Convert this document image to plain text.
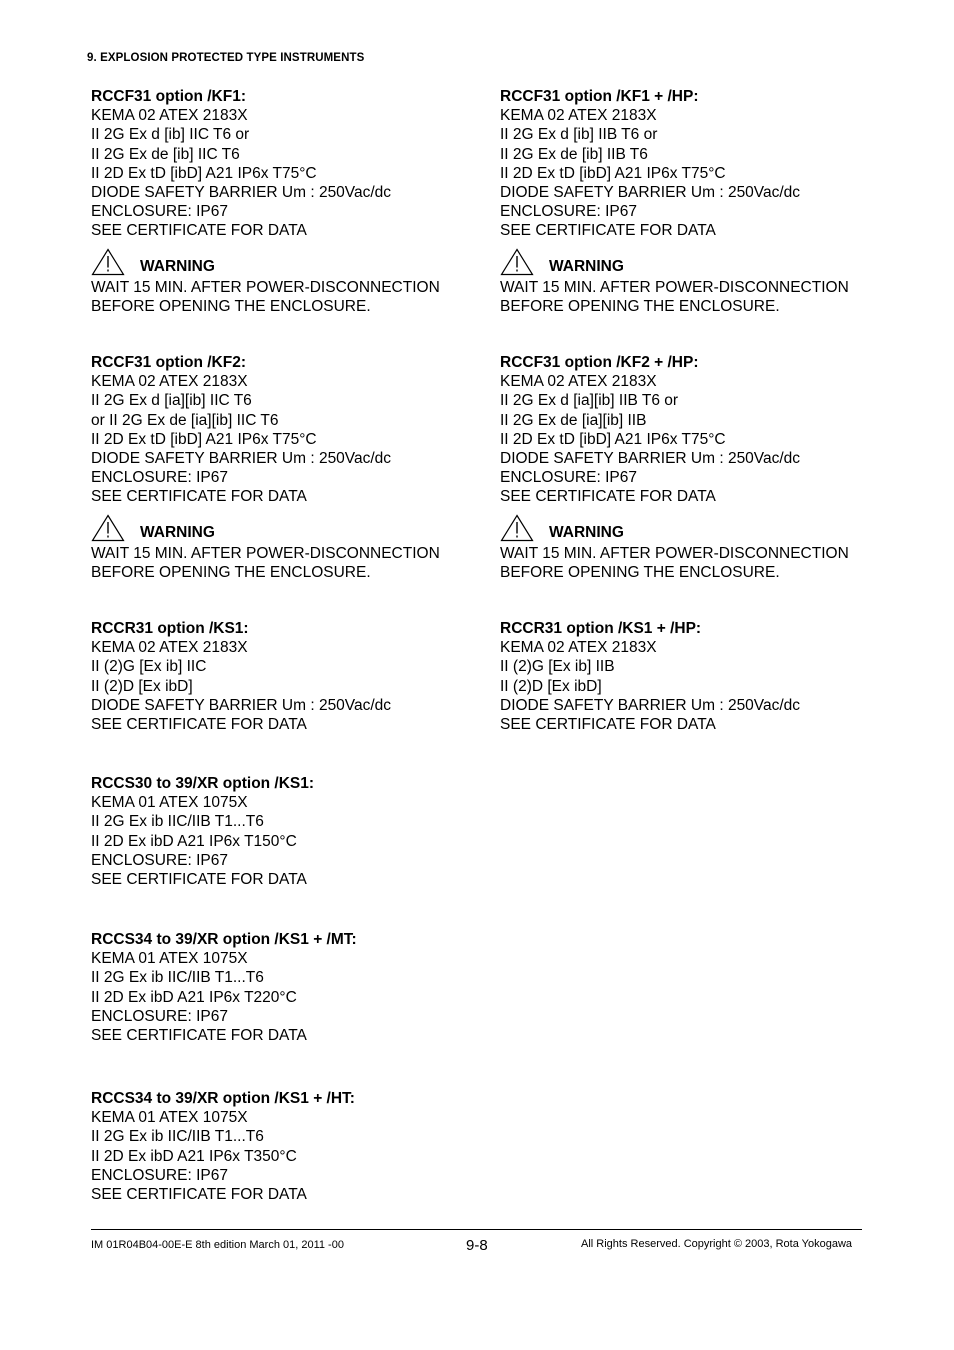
9. EXPLOSION PROTECTED TYPE INSTRUMENTS
RCCF31 option /KF1:
KEMA 02 ATEX 2183X
II 2G Ex d [ib] IIC T6 or
II 2G Ex de [ib] IIC T6
II 2D Ex tD [ibD] A21 IP6x T75°C
DIODE SAFETY BARRIER Um : 250Vac/dc
ENCLOSURE: IP67
SEE CERTIFICATE FOR DATA
WARNING
WAIT 15 MIN. AFTER POWER-DISCONNECTION
BEFORE OPENING THE ENCLOSURE.
RCCF31 option /KF1 + /HP:
KEMA 02 ATEX 2183X
II 2G Ex d [ib] IIB T6 or
II 2G Ex de [ib] IIB T6
II 2D Ex tD [ibD] A21 IP6x T75°C
DIODE SAFETY BARRIER Um : 250Vac/dc
ENCLOSURE: IP67
SEE CERTIFICATE FOR DATA
WARNING
WAIT 15 MIN. AFTER POWER-DISCONNECTION
BEFORE OPENING THE ENCLOSURE.
RCCF31 option /KF2:
KEMA 02 ATEX 2183X
II 2G Ex d [ia][ib] IIC T6
or II 2G Ex de [ia][ib] IIC T6
II 2D Ex tD [ibD] A21 IP6x T75°C
DIODE SAFETY BARRIER Um : 250Vac/dc
ENCLOSURE: IP67
SEE CERTIFICATE FOR DATA
WARNING
WAIT 15 MIN. AFTER POWER-DISCONNECTION
BEFORE OPENING THE ENCLOSURE.
RCCF31 option /KF2 + /HP:
KEMA 02 ATEX 2183X
II 2G Ex d [ia][ib] IIB T6 or
II 2G Ex de [ia][ib] IIB
II 2D Ex tD [ibD] A21 IP6x T75°C
DIODE SAFETY BARRIER Um : 250Vac/dc
ENCLOSURE: IP67
SEE CERTIFICATE FOR DATA
WARNING
WAIT 15 MIN. AFTER POWER-DISCONNECTION
BEFORE OPENING THE ENCLOSURE.
RCCR31 option /KS1:
KEMA 02 ATEX 2183X
II (2)G [Ex ib] IIC
II (2)D [Ex ibD]
DIODE SAFETY BARRIER Um : 250Vac/dc
SEE CERTIFICATE FOR DATA
RCCR31 option /KS1 + /HP:
KEMA 02 ATEX 2183X
II (2)G [Ex ib] IIB
II (2)D [Ex ibD]
DIODE SAFETY BARRIER Um : 250Vac/dc
SEE CERTIFICATE FOR DATA
RCCS30 to 39/XR option /KS1:
KEMA 01 ATEX 1075X
II 2G Ex ib IIC/IIB T1...T6
II 2D Ex ibD A21 IP6x T150°C
ENCLOSURE: IP67
SEE CERTIFICATE FOR DATA
RCCS34 to 39/XR option /KS1 + /MT:
KEMA 01 ATEX 1075X
II 2G Ex ib IIC/IIB T1...T6
II 2D Ex ibD A21 IP6x T220°C
ENCLOSURE: IP67
SEE CERTIFICATE FOR DATA
RCCS34 to 39/XR option /KS1 + /HT:
KEMA 01 ATEX 1075X
II 2G Ex ib IIC/IIB T1...T6
II 2D Ex ibD A21 IP6x T350°C
ENCLOSURE: IP67
SEE CERTIFICATE FOR DATA
IM 01R04B04-00E-E 8th edition March 01, 2011 -00	9-8	All Rights Reserved. Copyright © 2003, Rota Yokogawa
